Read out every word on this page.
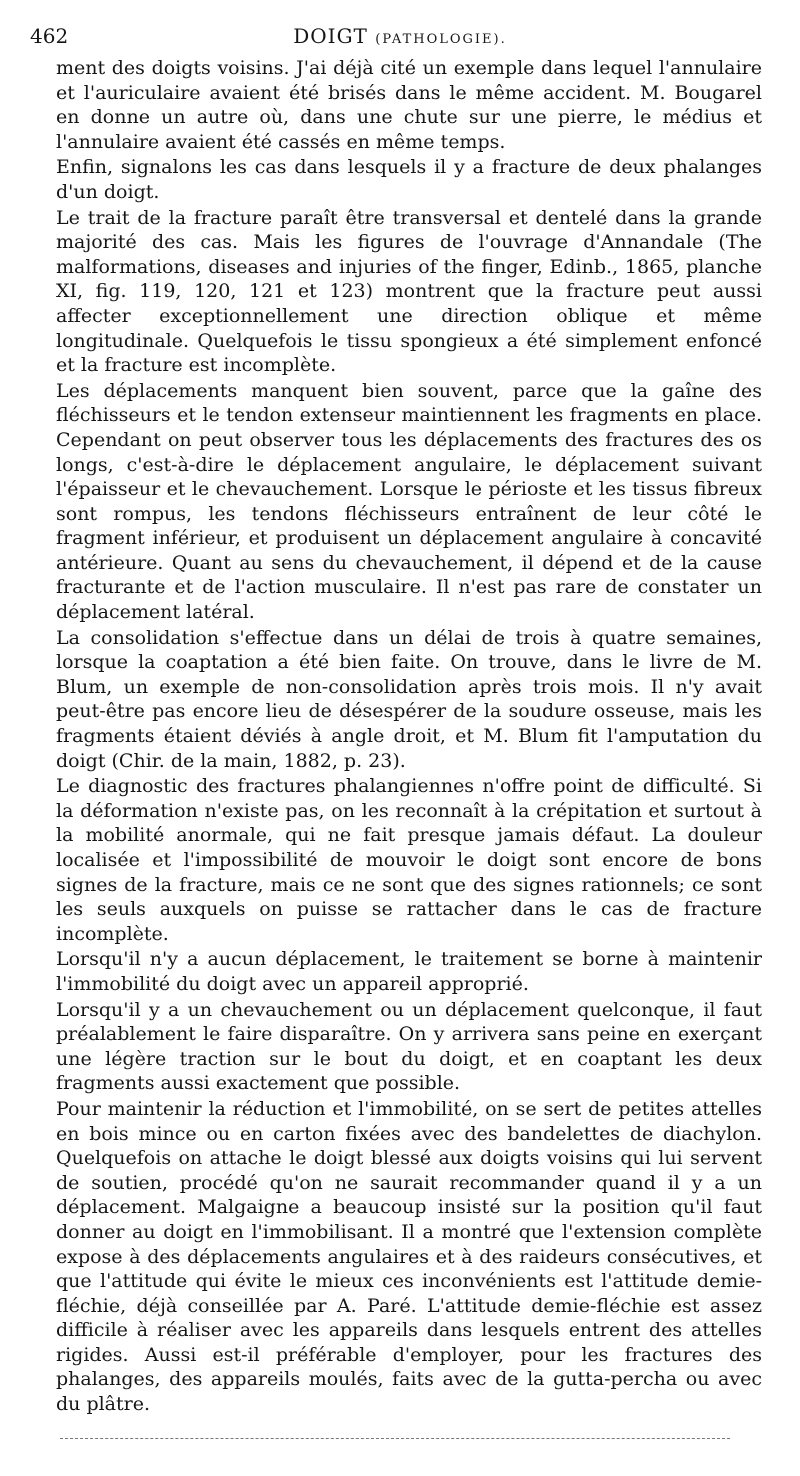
462	DOIGT (PATHOLOGIE).

ment des doigts voisins. J'ai déjà cité un exemple dans lequel l'annulaire et l'auriculaire avaient été brisés dans le même accident. M. Bougarel en donne un autre où, dans une chute sur une pierre, le médius et l'annulaire avaient été cassés en même temps.

Enfin, signalons les cas dans lesquels il y a fracture de deux phalanges d'un doigt.

Le trait de la fracture paraît être transversal et dentelé dans la grande majorité des cas. Mais les figures de l'ouvrage d'Annandale (The malformations, diseases and injuries of the finger, Edinb., 1865, planche XI, fig. 119, 120, 121 et 123) montrent que la fracture peut aussi affecter exceptionnellement une direction oblique et même longitudinale. Quelquefois le tissu spongieux a été simplement enfoncé et la fracture est incomplète.

Les déplacements manquent bien souvent, parce que la gaîne des fléchisseurs et le tendon extenseur maintiennent les fragments en place. Cependant on peut observer tous les déplacements des fractures des os longs, c'est-à-dire le déplacement angulaire, le déplacement suivant l'épaisseur et le chevauchement. Lorsque le périoste et les tissus fibreux sont rompus, les tendons fléchisseurs entraînent de leur côté le fragment inférieur, et produisent un déplacement angulaire à concavité antérieure. Quant au sens du chevauchement, il dépend et de la cause fracturante et de l'action musculaire. Il n'est pas rare de constater un déplacement latéral.

La consolidation s'effectue dans un délai de trois à quatre semaines, lorsque la coaptation a été bien faite. On trouve, dans le livre de M. Blum, un exemple de non-consolidation après trois mois. Il n'y avait peut-être pas encore lieu de désespérer de la soudure osseuse, mais les fragments étaient déviés à angle droit, et M. Blum fit l'amputation du doigt (Chir. de la main, 1882, p. 23).

Le diagnostic des fractures phalangiennes n'offre point de difficulté. Si la déformation n'existe pas, on les reconnaît à la crépitation et surtout à la mobilité anormale, qui ne fait presque jamais défaut. La douleur localisée et l'impossibilité de mouvoir le doigt sont encore de bons signes de la fracture, mais ce ne sont que des signes rationnels; ce sont les seuls auxquels on puisse se rattacher dans le cas de fracture incomplète.

Lorsqu'il n'y a aucun déplacement, le traitement se borne à maintenir l'immobilité du doigt avec un appareil approprié.

Lorsqu'il y a un chevauchement ou un déplacement quelconque, il faut préalablement le faire disparaître. On y arrivera sans peine en exerçant une légère traction sur le bout du doigt, et en coaptant les deux fragments aussi exactement que possible.

Pour maintenir la réduction et l'immobilité, on se sert de petites attelles en bois mince ou en carton fixées avec des bandelettes de diachylon. Quelquefois on attache le doigt blessé aux doigts voisins qui lui servent de soutien, procédé qu'on ne saurait recommander quand il y a un déplacement. Malgaigne a beaucoup insisté sur la position qu'il faut donner au doigt en l'immobilisant. Il a montré que l'extension complète expose à des déplacements angulaires et à des raideurs consécutives, et que l'attitude qui évite le mieux ces inconvénients est l'attitude demie-fléchie, déjà conseillée par A. Paré. L'attitude demie-fléchie est assez difficile à réaliser avec les appareils dans lesquels entrent des attelles rigides. Aussi est-il préférable d'employer, pour les fractures des phalanges, des appareils moulés, faits avec de la gutta-percha ou avec du plâtre.
